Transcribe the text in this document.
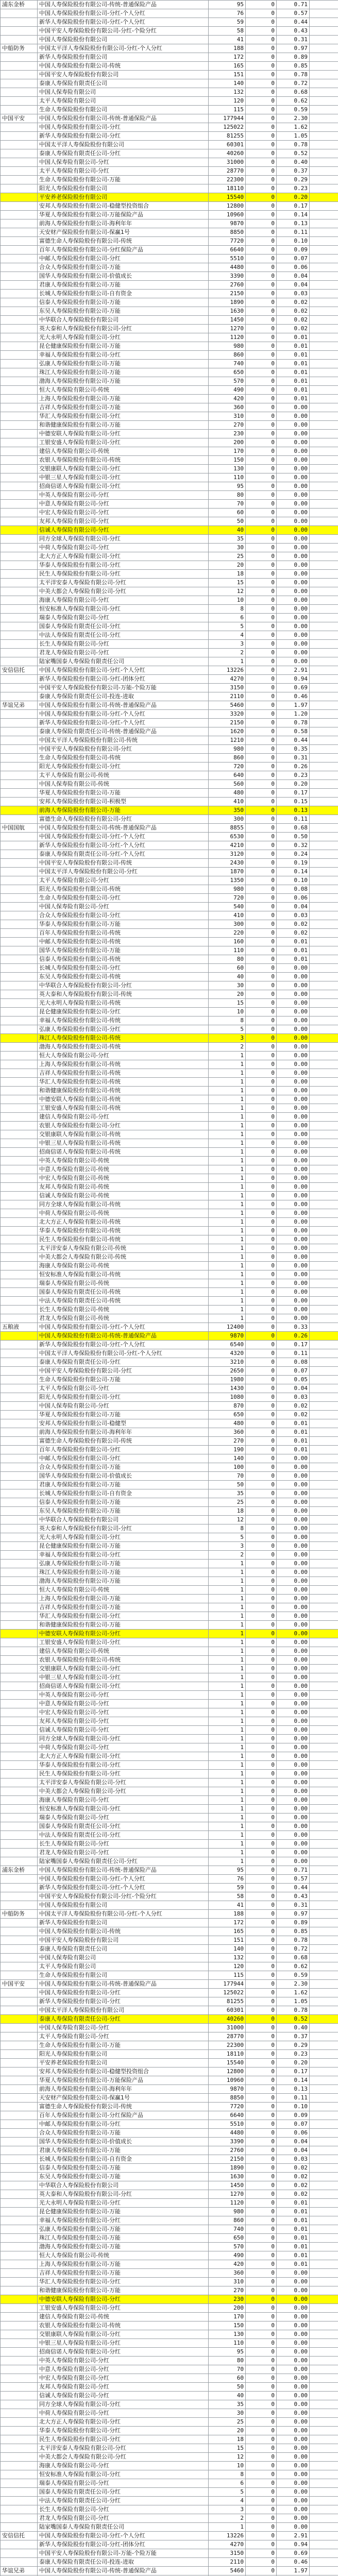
浦东金桥	中国人寿保险股份有限公司-传统-普通保险产品	95	0	0.71	
	中国人寿保险股份有限公司-分红-个人分红	76	0	0.57	
	新华人寿保险股份有限公司-分红-个人分红	59	0	0.44	
	中国平安人寿保险股份有限公司-分红-个险分红	58	0	0.43	
	中国人寿保险股份有限公司	41	0	0.31	
中船防务	中国太平洋人寿保险股份有限公司-分红-个人分红	188	0	0.97	
	新华人寿保险股份有限公司	172	0	0.89	
	中国人寿保险股份有限公司-传统	165	0	0.85	
	中国平安人寿保险股份有限公司	151	0	0.78	
	泰康人寿保险有限责任公司	140	0	0.72	
	中国人保寿险有限公司	132	0	0.68	
	太平人寿保险有限公司	120	0	0.62	
	生命人寿保险股份有限公司	115	0	0.59	
中国平安	中国人寿保险股份有限公司-传统-普通保险产品	177944	0	2.30	
	中国人寿保险股份有限公司-分红	125022	0	1.62	
	新华人寿保险股份有限公司-分红	81255	0	1.05	
	中国太平洋人寿保险股份有限公司	60301	0	0.78	
	泰康人寿保险有限责任公司-分红	40260	0	0.52	
	中国人保寿险有限公司-分红	31000	0	0.40	
	太平人寿保险有限公司-分红	28770	0	0.37	
	生命人寿保险股份有限公司-万能	22300	0	0.29	
	阳光人寿保险股份有限公司	18110	0	0.23	
	平安养老保险股份有限公司	15540	0	0.20	
	安邦人寿保险股份有限公司-稳健型投资组合	12800	0	0.17	
	华夏人寿保险股份有限公司-万能保险产品	10960	0	0.14	
	前海人寿保险股份有限公司-海利年年	9870	0	0.13	
	天安财产保险股份有限公司-保赢1号	8850	0	0.11	
	富德生命人寿保险股份有限公司-传统	7720	0	0.10	
	百年人寿保险股份有限公司-分红保险产品	6640	0	0.09	
	中邮人寿保险股份有限公司-分红	5510	0	0.07	
	合众人寿保险股份有限公司-万能	4480	0	0.06	
	国华人寿保险股份有限公司-价值成长	3390	0	0.04	
	君康人寿保险股份有限公司-万能	2760	0	0.04	
	长城人寿保险股份有限公司-自有资金	2150	0	0.03	
	信泰人寿保险股份有限公司-万能	1890	0	0.02	
	东吴人寿保险股份有限公司-万能	1630	0	0.02	
	中华联合人寿保险股份有限公司	1450	0	0.02	
	英大泰和人寿保险股份有限公司-分红	1270	0	0.02	
	光大永明人寿保险有限公司-分红	1120	0	0.01	
	昆仑健康保险股份有限公司-万能	980	0	0.01	
	幸福人寿保险股份有限公司-分红	860	0	0.01	
	弘康人寿保险股份有限公司-万能	740	0	0.01	
	珠江人寿保险股份有限公司-万能	650	0	0.01	
	渤海人寿保险股份有限公司-万能	570	0	0.01	
	恒大人寿保险有限公司-传统	490	0	0.01	
	上海人寿保险股份有限公司-万能	420	0	0.01	
	吉祥人寿保险股份有限公司-万能	360	0	0.00	
	华汇人寿保险股份有限公司-分红	310	0	0.00	
	和谐健康保险股份有限公司-万能	270	0	0.00	
	中德安联人寿保险有限公司-分红	230	0	0.00	
	工银安盛人寿保险有限公司-分红	200	0	0.00	
	建信人寿保险有限公司-传统	170	0	0.00	
	农银人寿保险股份有限公司-传统	150	0	0.00	
	交银康联人寿保险有限公司-分红	130	0	0.00	
	中银三星人寿保险有限公司-分红	110	0	0.00	
	招商信诺人寿保险有限公司-分红	95	0	0.00	
	中英人寿保险有限公司-分红	80	0	0.00	
	中意人寿保险有限公司-分红	70	0	0.00	
	中宏人寿保险有限公司-分红	60	0	0.00	
	友邦人寿保险有限公司-分红	50	0	0.00	
	信诚人寿保险有限公司-分红	40	0	0.00	
	同方全球人寿保险有限公司-分红	35	0	0.00	
	中荷人寿保险有限公司-分红	30	0	0.00	
	北大方正人寿保险有限公司-分红	25	0	0.00	
	华泰人寿保险股份有限公司-分红	20	0	0.00	
	民生人寿保险股份有限公司-分红	18	0	0.00	
	太平洋安泰人寿保险有限公司-分红	15	0	0.00	
	中美大都会人寿保险有限公司-分红	12	0	0.00	
	海康人寿保险有限公司-分红	10	0	0.00	
	恒安标准人寿保险有限公司-分红	8	0	0.00	
	瑞泰人寿保险有限公司-分红	6	0	0.00	
	国泰人寿保险有限责任公司-分红	5	0	0.00	
	中法人寿保险有限责任公司-分红	4	0	0.00	
	长生人寿保险有限公司-分红	3	0	0.00	
	君龙人寿保险有限公司-分红	2	0	0.00	
	陆家嘴国泰人寿保险有限责任公司	1	0	0.00	
安信信托	中国人寿保险股份有限公司-分红-个人分红	13226	0	2.91	
	新华人寿保险股份有限公司-分红-团体分红	4270	0	0.94	
	中国平安人寿保险股份有限公司-万能-个险万能	3150	0	0.69	
	泰康人寿保险有限责任公司-投连-进取	2110	0	0.46	
华谊兄弟	中国人寿保险股份有限公司-传统-普通保险产品	5460	0	1.97	
	中国人寿保险股份有限公司-分红-个人分红	3320	0	1.20	
	新华人寿保险股份有限公司-分红-个人分红	2150	0	0.78	
	泰康人寿保险有限责任公司-传统-普通保险产品	1620	0	0.58	
	中国太平洋人寿保险股份有限公司-传统	1210	0	0.44	
	中国平安人寿保险股份有限公司-分红	980	0	0.35	
	生命人寿保险股份有限公司-传统	860	0	0.31	
	阳光人寿保险股份有限公司-分红	720	0	0.26	
	太平人寿保险有限公司-传统	640	0	0.23	
	中国人保寿险有限公司-传统	560	0	0.20	
	华夏人寿保险股份有限公司-万能	480	0	0.17	
	安邦人寿保险股份有限公司-积极型	410	0	0.15	
	前海人寿保险股份有限公司-万能	350	0	0.13	
	富德生命人寿保险股份有限公司-分红	300	0	0.11	
中国国航	中国人寿保险股份有限公司-传统-普通保险产品	8855	0	0.68	
	中国人寿保险股份有限公司-分红-个人分红	6530	0	0.50	
	新华人寿保险股份有限公司-分红-个人分红	4210	0	0.32	
	泰康人寿保险有限责任公司-分红-个人分红	3120	0	0.24	
	中国平安人寿保险股份有限公司-传统	2430	0	0.19	
	中国太平洋人寿保险股份有限公司-分红	1870	0	0.14	
	太平人寿保险有限公司-分红	1350	0	0.10	
	阳光人寿保险股份有限公司-传统	980	0	0.08	
	生命人寿保险股份有限公司-分红	720	0	0.06	
	中国人保寿险有限公司-分红	540	0	0.04	
	合众人寿保险股份有限公司-分红	410	0	0.03	
	华泰人寿保险股份有限公司-万能	300	0	0.02	
	百年人寿保险股份有限公司-传统	220	0	0.02	
	中邮人寿保险股份有限公司-传统	160	0	0.01	
	国华人寿保险股份有限公司-万能	110	0	0.01	
	信泰人寿保险股份有限公司-传统	80	0	0.01	
	长城人寿保险股份有限公司-分红	60	0	0.00	
	东吴人寿保险股份有限公司-传统	40	0	0.00	
	中华联合人寿保险股份有限公司-分红	30	0	0.00	
	英大泰和人寿保险股份有限公司-传统	20	0	0.00	
	光大永明人寿保险有限公司-传统	15	0	0.00	
	昆仑健康保险股份有限公司-分红	10	0	0.00	
	幸福人寿保险股份有限公司-传统	8	0	0.00	
	弘康人寿保险股份有限公司-分红	5	0	0.00	
	珠江人寿保险股份有限公司-传统	3	0	0.00	
	渤海人寿保险股份有限公司-传统	2	0	0.00	
	恒大人寿保险有限公司-分红	1	0	0.00	
	上海人寿保险股份有限公司-传统	1	0	0.00	
	吉祥人寿保险股份有限公司-传统	1	0	0.00	
	华汇人寿保险股份有限公司-传统	1	0	0.00	
	和谐健康保险股份有限公司-传统	1	0	0.00	
	中德安联人寿保险有限公司-传统	1	0	0.00	
	工银安盛人寿保险有限公司-传统	1	0	0.00	
	建信人寿保险有限公司-分红	1	0	0.00	
	农银人寿保险股份有限公司-分红	1	0	0.00	
	交银康联人寿保险有限公司-传统	1	0	0.00	
	中银三星人寿保险有限公司-传统	1	0	0.00	
	招商信诺人寿保险有限公司-传统	1	0	0.00	
	中英人寿保险有限公司-传统	1	0	0.00	
	中意人寿保险有限公司-传统	1	0	0.00	
	中宏人寿保险有限公司-传统	1	0	0.00	
	友邦人寿保险有限公司-传统	1	0	0.00	
	信诚人寿保险有限公司-传统	1	0	0.00	
	同方全球人寿保险有限公司-传统	1	0	0.00	
	中荷人寿保险有限公司-传统	1	0	0.00	
	北大方正人寿保险有限公司-传统	1	0	0.00	
	华泰人寿保险股份有限公司-传统	1	0	0.00	
	民生人寿保险股份有限公司-传统	1	0	0.00	
	太平洋安泰人寿保险有限公司-传统	1	0	0.00	
	中美大都会人寿保险有限公司-传统	1	0	0.00	
	海康人寿保险有限公司-传统	1	0	0.00	
	恒安标准人寿保险有限公司-传统	1	0	0.00	
	瑞泰人寿保险有限公司-传统	1	0	0.00	
	国泰人寿保险有限责任公司-传统	1	0	0.00	
	中法人寿保险有限责任公司-传统	1	0	0.00	
	长生人寿保险有限公司-传统	1	0	0.00	
	君龙人寿保险有限公司-传统	1	0	0.00	
五粮液	中国人寿保险股份有限公司-分红-个人分红	12400	0	0.33	
	中国人寿保险股份有限公司-传统-普通保险产品	9870	0	0.26	
	新华人寿保险股份有限公司-分红-个人分红	6540	0	0.17	
	中国太平洋人寿保险股份有限公司-分红-个人分红	4320	0	0.11	
	泰康人寿保险有限责任公司-分红	3210	0	0.08	
	中国平安人寿保险股份有限公司-分红	2650	0	0.07	
	生命人寿保险股份有限公司-万能	1980	0	0.05	
	太平人寿保险有限公司-分红	1430	0	0.04	
	阳光人寿保险股份有限公司-分红	1080	0	0.03	
	中国人保寿险有限公司-分红	870	0	0.02	
	华夏人寿保险股份有限公司-万能	650	0	0.02	
	安邦人寿保险股份有限公司-稳健型	480	0	0.01	
	前海人寿保险股份有限公司-海利年年	360	0	0.01	
	富德生命人寿保险股份有限公司-传统	270	0	0.01	
	百年人寿保险股份有限公司-分红	190	0	0.01	
	中邮人寿保险股份有限公司-分红	140	0	0.00	
	合众人寿保险股份有限公司-万能	100	0	0.00	
	国华人寿保险股份有限公司-价值成长	70	0	0.00	
	君康人寿保险股份有限公司-万能	50	0	0.00	
	长城人寿保险股份有限公司-自有资金	35	0	0.00	
	信泰人寿保险股份有限公司-万能	25	0	0.00	
	东吴人寿保险股份有限公司-万能	18	0	0.00	
	中华联合人寿保险股份有限公司	12	0	0.00	
	英大泰和人寿保险股份有限公司-分红	8	0	0.00	
	光大永明人寿保险有限公司-分红	5	0	0.00	
	昆仑健康保险股份有限公司-万能	3	0	0.00	
	幸福人寿保险股份有限公司-分红	2	0	0.00	
	弘康人寿保险股份有限公司-万能	1	0	0.00	
	珠江人寿保险股份有限公司-万能	1	0	0.00	
	渤海人寿保险股份有限公司-万能	1	0	0.00	
	恒大人寿保险有限公司-传统	1	0	0.00	
	上海人寿保险股份有限公司-万能	1	0	0.00	
	吉祥人寿保险股份有限公司-万能	1	0	0.00	
	华汇人寿保险股份有限公司-分红	1	0	0.00	
	和谐健康保险股份有限公司-万能	1	0	0.00	
	中德安联人寿保险有限公司-分红	1	0	0.00	
	工银安盛人寿保险有限公司-分红	1	0	0.00	
	建信人寿保险有限公司-传统	1	0	0.00	
	农银人寿保险股份有限公司-传统	1	0	0.00	
	交银康联人寿保险有限公司-分红	1	0	0.00	
	中银三星人寿保险有限公司-分红	1	0	0.00	
	招商信诺人寿保险有限公司-分红	1	0	0.00	
	中英人寿保险有限公司-分红	1	0	0.00	
	中意人寿保险有限公司-分红	1	0	0.00	
	中宏人寿保险有限公司-分红	1	0	0.00	
	友邦人寿保险有限公司-分红	1	0	0.00	
	信诚人寿保险有限公司-分红	1	0	0.00	
	同方全球人寿保险有限公司-分红	1	0	0.00	
	中荷人寿保险有限公司-分红	1	0	0.00	
	北大方正人寿保险有限公司-分红	1	0	0.00	
	华泰人寿保险股份有限公司-分红	1	0	0.00	
	民生人寿保险股份有限公司-分红	1	0	0.00	
	太平洋安泰人寿保险有限公司-分红	1	0	0.00	
	中美大都会人寿保险有限公司-分红	1	0	0.00	
	海康人寿保险有限公司-分红	1	0	0.00	
	恒安标准人寿保险有限公司-分红	1	0	0.00	
	瑞泰人寿保险有限公司-分红	1	0	0.00	
	国泰人寿保险有限责任公司-分红	1	0	0.00	
	中法人寿保险有限责任公司-分红	1	0	0.00	
	长生人寿保险有限公司-分红	1	0	0.00	
	君龙人寿保险有限公司-分红	1	0	0.00	
	陆家嘴国泰人寿保险有限责任公司-分红	1	0	0.00	
浦东金桥	中国人寿保险股份有限公司-传统-普通保险产品	95	0	0.71	
	中国人寿保险股份有限公司-分红-个人分红	76	0	0.57	
	新华人寿保险股份有限公司-分红-个人分红	59	0	0.44	
	中国平安人寿保险股份有限公司-分红-个险分红	58	0	0.43	
	中国人寿保险股份有限公司	41	0	0.31	
中船防务	中国太平洋人寿保险股份有限公司-分红-个人分红	188	0	0.97	
	新华人寿保险股份有限公司	172	0	0.89	
	中国人寿保险股份有限公司-传统	165	0	0.85	
	中国平安人寿保险股份有限公司	151	0	0.78	
	泰康人寿保险有限责任公司	140	0	0.72	
	中国人保寿险有限公司	132	0	0.68	
	太平人寿保险有限公司	120	0	0.62	
	生命人寿保险股份有限公司	115	0	0.59	
中国平安	中国人寿保险股份有限公司-传统-普通保险产品	177944	0	2.30	
	中国人寿保险股份有限公司-分红	125022	0	1.62	
	新华人寿保险股份有限公司-分红	81255	0	1.05	
	中国太平洋人寿保险股份有限公司	60301	0	0.78	
	泰康人寿保险有限责任公司-分红	40260	0	0.52	
	中国人保寿险有限公司-分红	31000	0	0.40	
	太平人寿保险有限公司-分红	28770	0	0.37	
	生命人寿保险股份有限公司-万能	22300	0	0.29	
	阳光人寿保险股份有限公司	18110	0	0.23	
	平安养老保险股份有限公司	15540	0	0.20	
	安邦人寿保险股份有限公司-稳健型投资组合	12800	0	0.17	
	华夏人寿保险股份有限公司-万能保险产品	10960	0	0.14	
	前海人寿保险股份有限公司-海利年年	9870	0	0.13	
	天安财产保险股份有限公司-保赢1号	8850	0	0.11	
	富德生命人寿保险股份有限公司-传统	7720	0	0.10	
	百年人寿保险股份有限公司-分红保险产品	6640	0	0.09	
	中邮人寿保险股份有限公司-分红	5510	0	0.07	
	合众人寿保险股份有限公司-万能	4480	0	0.06	
	国华人寿保险股份有限公司-价值成长	3390	0	0.04	
	君康人寿保险股份有限公司-万能	2760	0	0.04	
	长城人寿保险股份有限公司-自有资金	2150	0	0.03	
	信泰人寿保险股份有限公司-万能	1890	0	0.02	
	东吴人寿保险股份有限公司-万能	1630	0	0.02	
	中华联合人寿保险股份有限公司	1450	0	0.02	
	英大泰和人寿保险股份有限公司-分红	1270	0	0.02	
	光大永明人寿保险有限公司-分红	1120	0	0.01	
	昆仑健康保险股份有限公司-万能	980	0	0.01	
	幸福人寿保险股份有限公司-分红	860	0	0.01	
	弘康人寿保险股份有限公司-万能	740	0	0.01	
	珠江人寿保险股份有限公司-万能	650	0	0.01	
	渤海人寿保险股份有限公司-万能	570	0	0.01	
	恒大人寿保险有限公司-传统	490	0	0.01	
	上海人寿保险股份有限公司-万能	420	0	0.01	
	吉祥人寿保险股份有限公司-万能	360	0	0.00	
	华汇人寿保险股份有限公司-分红	310	0	0.00	
	和谐健康保险股份有限公司-万能	270	0	0.00	
	中德安联人寿保险有限公司-分红	230	0	0.00	
	工银安盛人寿保险有限公司-分红	200	0	0.00	
	建信人寿保险有限公司-传统	170	0	0.00	
	农银人寿保险股份有限公司-传统	150	0	0.00	
	交银康联人寿保险有限公司-分红	130	0	0.00	
	中银三星人寿保险有限公司-分红	110	0	0.00	
	招商信诺人寿保险有限公司-分红	95	0	0.00	
	中英人寿保险有限公司-分红	80	0	0.00	
	中意人寿保险有限公司-分红	70	0	0.00	
	中宏人寿保险有限公司-分红	60	0	0.00	
	友邦人寿保险有限公司-分红	50	0	0.00	
	信诚人寿保险有限公司-分红	40	0	0.00	
	同方全球人寿保险有限公司-分红	35	0	0.00	
	中荷人寿保险有限公司-分红	30	0	0.00	
	北大方正人寿保险有限公司-分红	25	0	0.00	
	华泰人寿保险股份有限公司-分红	20	0	0.00	
	民生人寿保险股份有限公司-分红	18	0	0.00	
	太平洋安泰人寿保险有限公司-分红	15	0	0.00	
	中美大都会人寿保险有限公司-分红	12	0	0.00	
	海康人寿保险有限公司-分红	10	0	0.00	
	恒安标准人寿保险有限公司-分红	8	0	0.00	
	瑞泰人寿保险有限公司-分红	6	0	0.00	
	国泰人寿保险有限责任公司-分红	5	0	0.00	
	中法人寿保险有限责任公司-分红	4	0	0.00	
	长生人寿保险有限公司-分红	3	0	0.00	
	君龙人寿保险有限公司-分红	2	0	0.00	
	陆家嘴国泰人寿保险有限责任公司	1	0	0.00	
安信信托	中国人寿保险股份有限公司-分红-个人分红	13226	0	2.91	
	新华人寿保险股份有限公司-分红-团体分红	4270	0	0.94	
	中国平安人寿保险股份有限公司-万能-个险万能	3150	0	0.69	
	泰康人寿保险有限责任公司-投连-进取	2110	0	0.46	
华谊兄弟	中国人寿保险股份有限公司-传统-普通保险产品	5460	0	1.97	
